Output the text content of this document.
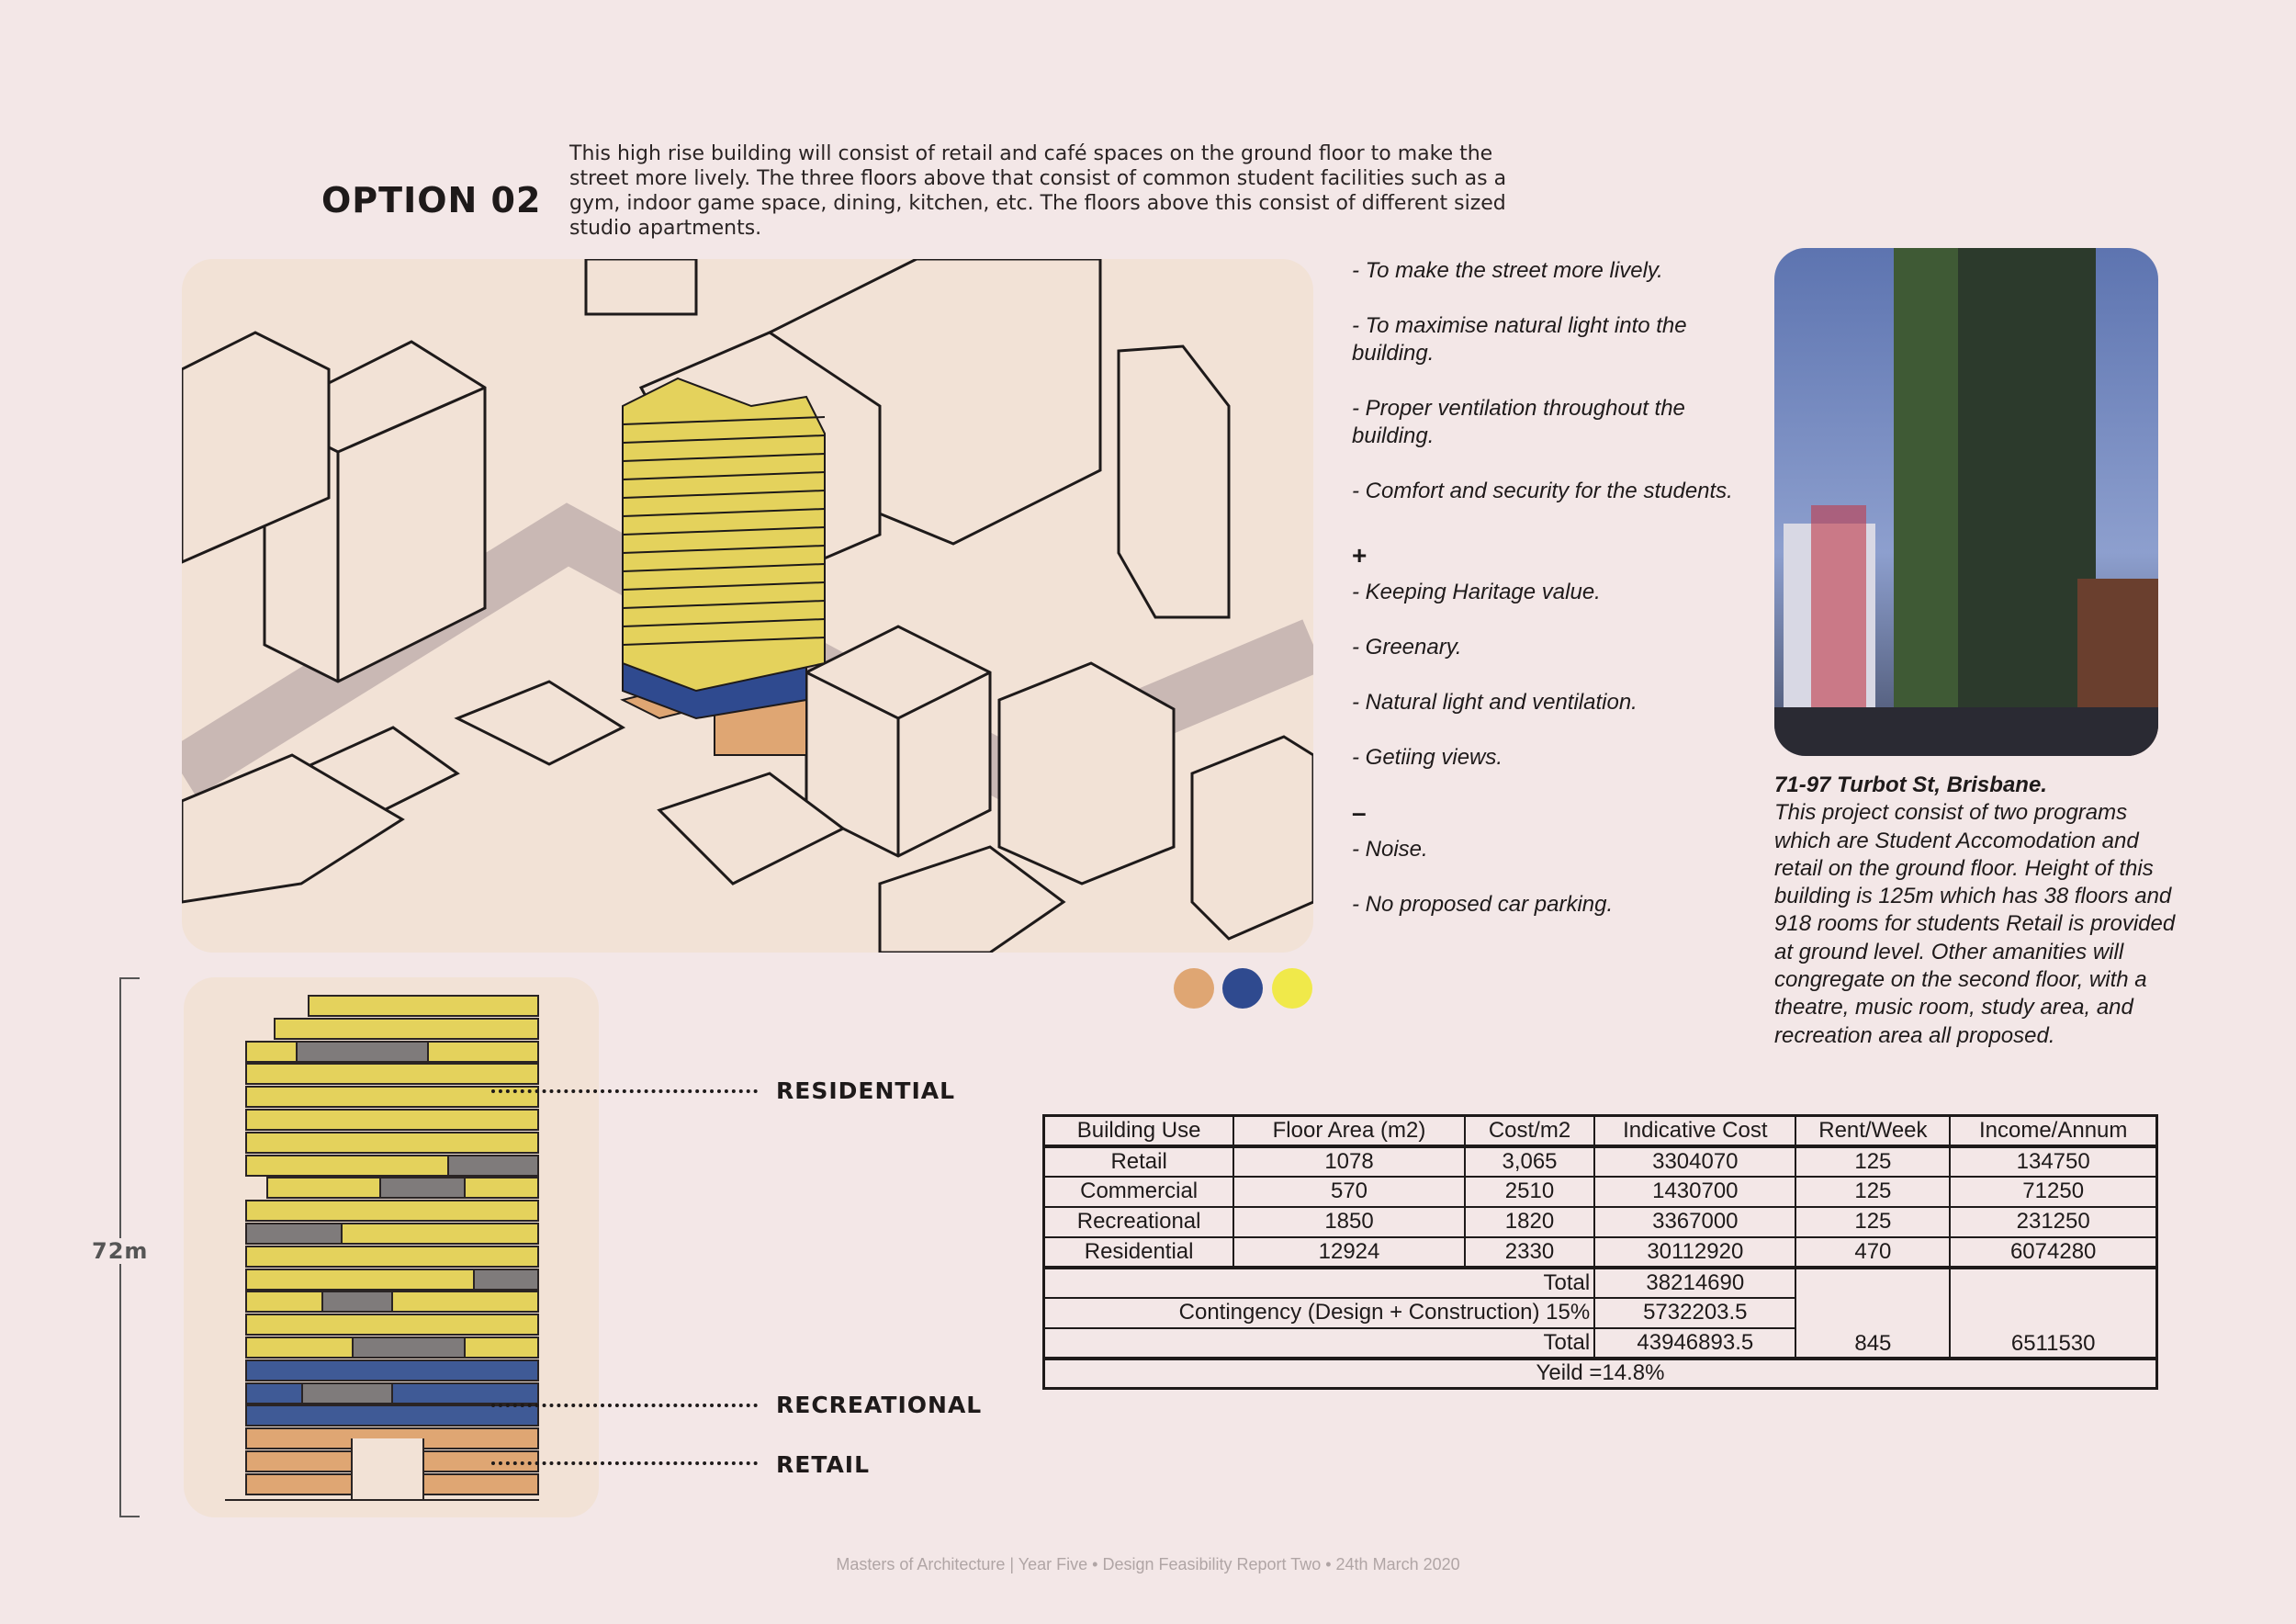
OPTION 02
This high rise building will consist of retail and café spaces on the ground floor to make the street more lively. The three floors above that consist of common student facilities such as a gym, indoor game space, dining, kitchen, etc. The floors above this consist of different sized studio apartments.
- To make the street more lively.
- To maximise natural light into the building.
- Proper ventilation throughout the building.
- Comfort and security for the students.
+
- Keeping Haritage value.
- Greenary.
- Natural light and ventilation.
- Getiing views.
–
- Noise.
- No proposed car parking.
71-97 Turbot St, Brisbane.
This project consist of two programs which are Student Accomodation and retail on the ground floor. Height of this building is 125m which has 38 floors and 918 rooms for students Retail is provided at ground level. Other amanities will congregate on the second floor, with a theatre, music room, study area, and recreation area all proposed.
Building Use	Floor Area (m2)	Cost/m2	Indicative Cost	Rent/Week	Income/Annum
Retail	1078	3,065	3304070	125	134750
Commercial	570	2510	1430700	125	71250
Recreational	1850	1820	3367000	125	231250
Residential	12924	2330	30112920	470	6074280
Total			38214690	845	6511530
Contingency (Design + Construction) 15%			5732203.5		
Total			43946893.5		
Yeild =14.8%					
72m
RESIDENTIAL
RECREATIONAL
RETAIL
Masters of Architecture | Year Five • Design Feasibility Report Two • 24th March 2020
